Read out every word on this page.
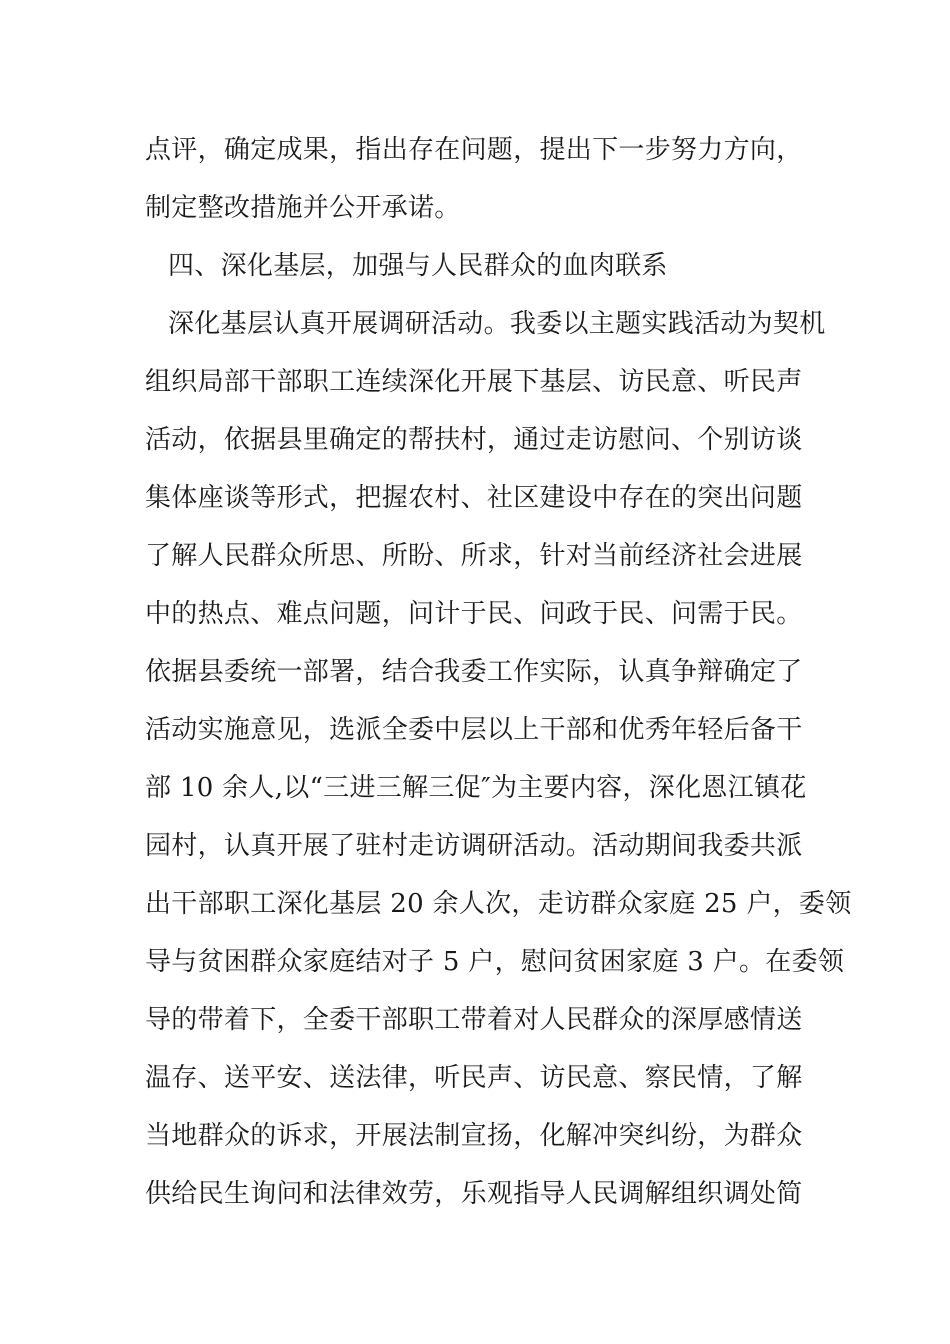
点评，确定成果，指出存在问题，提出下一步努力方向，
制定整改措施并公开承诺。
四、深化基层，加强与人民群众的血肉联系
深化基层认真开展调研活动。我委以主题实践活动为契机
组织局部干部职工连续深化开展下基层、访民意、听民声
活动，依据县里确定的帮扶村，通过走访慰问、个别访谈
集体座谈等形式，把握农村、社区建设中存在的突出问题
了解人民群众所思、所盼、所求，针对当前经济社会进展
中的热点、难点问题，问计于民、问政于民、问需于民。
依据县委统一部署，结合我委工作实际，认真争辩确定了
活动实施意见，选派全委中层以上干部和优秀年轻后备干
部 10 余人,以“三进三解三促″为主要内容，深化恩江镇花
园村，认真开展了驻村走访调研活动。活动期间我委共派
出干部职工深化基层 20 余人次，走访群众家庭 25 户，委领
导与贫困群众家庭结对子 5 户，慰问贫困家庭 3 户。在委领
导的带着下，全委干部职工带着对人民群众的深厚感情送
温存、送平安、送法律，听民声、访民意、察民情，了解
当地群众的诉求，开展法制宣扬，化解冲突纠纷，为群众
供给民生询问和法律效劳，乐观指导人民调解组织调处简
